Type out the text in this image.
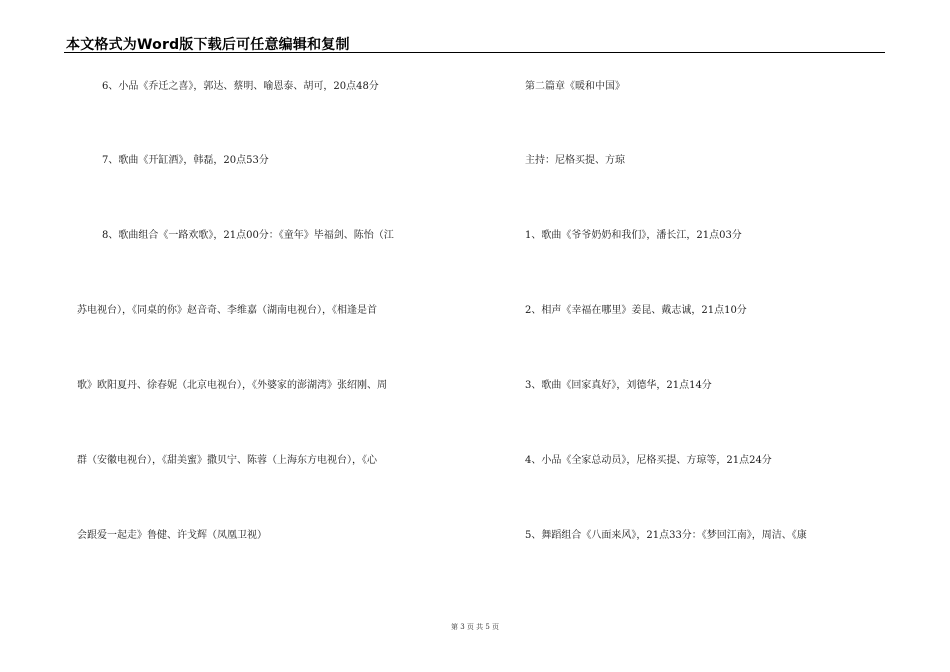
本文格式为Word版下载后可任意编辑和复制
6、小品《乔迁之喜》，郭达、蔡明、喻恩泰、胡可，20点48分
7、歌曲《开缸酒》，韩磊，20点53分
8、歌曲组合《一路欢歌》，21点00分：《童年》毕福剑、陈怡（江
苏电视台），《同桌的你》赵音奇、李维嘉（湖南电视台），《相逢是首
歌》欧阳夏丹、徐春妮（北京电视台），《外婆家的澎湖湾》张绍刚、周
群（安徽电视台），《甜美蜜》撒贝宁、陈蓉（上海东方电视台），《心
会跟爱一起走》鲁健、许戈辉（凤凰卫视）
第二篇章《暖和中国》
主持：尼格买提、方琼
1、歌曲《爷爷奶奶和我们》，潘长江，21点03分
2、相声《幸福在哪里》姜昆、戴志诚，21点10分
3、歌曲《回家真好》，刘德华，21点14分
4、小品《全家总动员》，尼格买提、方琼等，21点24分
5、舞蹈组合《八面来风》，21点33分：《梦回江南》，周洁、《康
第 3 页 共 5 页
